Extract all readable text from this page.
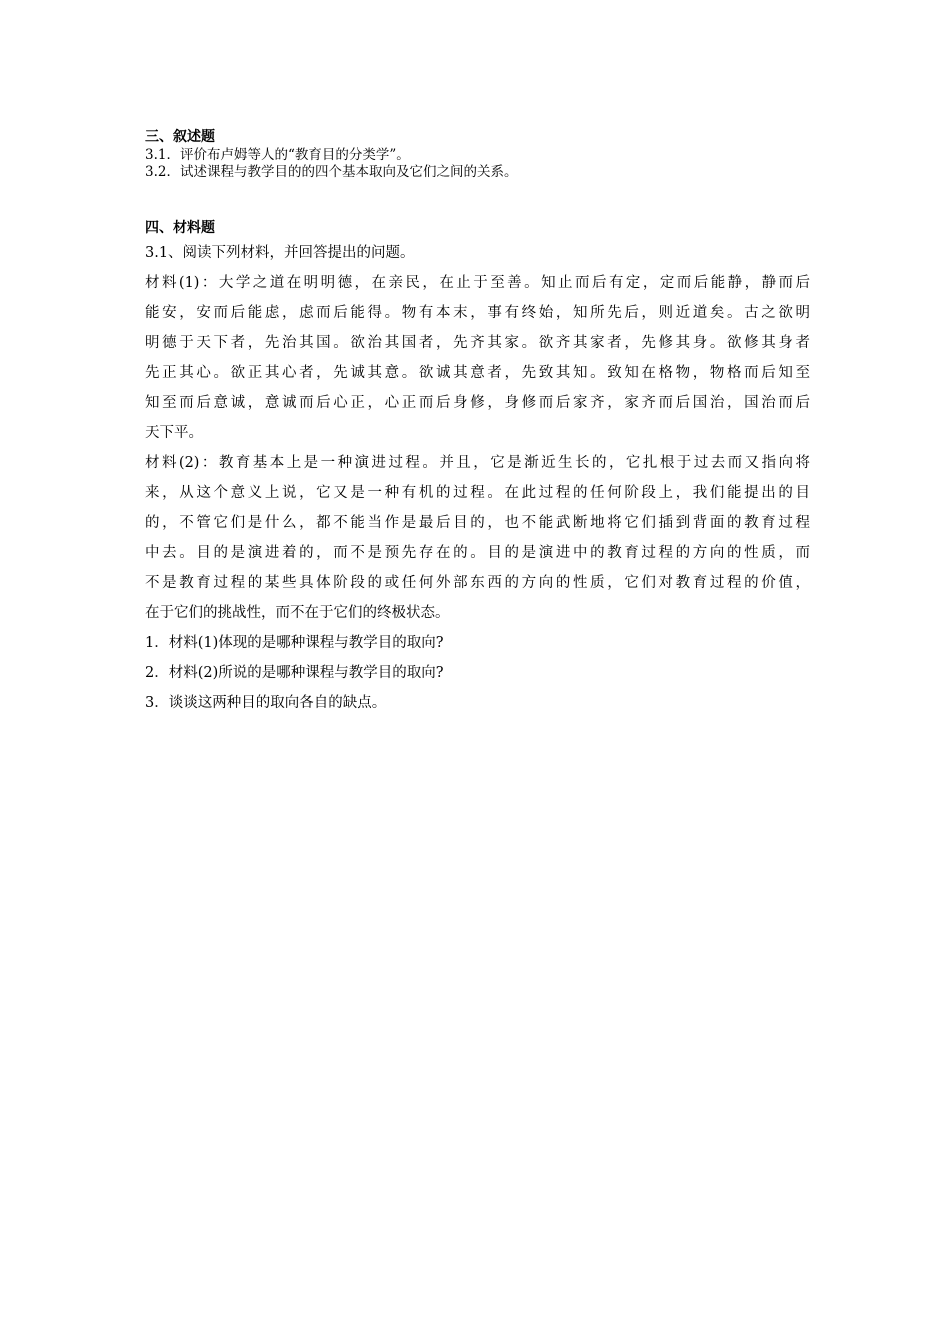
三、叙述题
3.1．评价布卢姆等人的“教育目的分类学”。
3.2．试述课程与教学目的的四个基本取向及它们之间的关系。
四、材料题
3.1、阅读下列材料，并回答提出的问题。
材料(1)：大学之道在明明德，在亲民，在止于至善。知止而后有定，定而后能静，静而后
能安，安而后能虑，虑而后能得。物有本末，事有终始，知所先后，则近道矣。古之欲明
明德于天下者，先治其国。欲治其国者，先齐其家。欲齐其家者，先修其身。欲修其身者
先正其心。欲正其心者，先诚其意。欲诚其意者，先致其知。致知在格物，物格而后知至
知至而后意诚，意诚而后心正，心正而后身修，身修而后家齐，家齐而后国治，国治而后
天下平。
材料(2)：教育基本上是一种演进过程。并且，它是渐近生长的，它扎根于过去而又指向将
来，从这个意义上说，它又是一种有机的过程。在此过程的任何阶段上，我们能提出的目
的，不管它们是什么，都不能当作是最后目的，也不能武断地将它们插到背面的教育过程
中去。目的是演进着的，而不是预先存在的。目的是演进中的教育过程的方向的性质，而
不是教育过程的某些具体阶段的或任何外部东西的方向的性质，它们对教育过程的价值，
在于它们的挑战性，而不在于它们的终极状态。
1．材料(1)体现的是哪种课程与教学目的取向?
2．材料(2)所说的是哪种课程与教学目的取向?
3．谈谈这两种目的取向各自的缺点。
